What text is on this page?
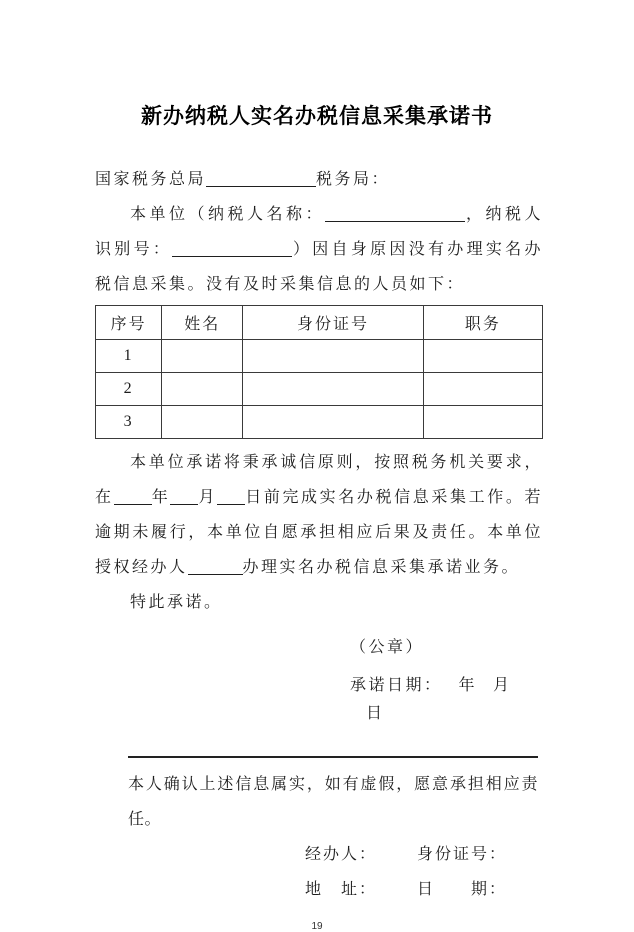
新办纳税人实名办税信息采集承诺书
国家税务总局	税务局：
本单位（纳税人名称：	，纳税人识别号：	）因自身原因没有办理实名办税信息采集。没有及时采集信息的人员如下：
序号	姓名	身份证号	职务
1			
2			
3			
本单位承诺将秉承诚信原则，按照税务机关要求，在 年 月 日前完成实名办税信息采集工作。若逾期未履行，本单位自愿承担相应后果及责任。本单位授权经办人	办理实名办税信息采集承诺业务。
特此承诺。
（公章）
承诺日期： 年 月日
本人确认上述信息属实，如有虚假，愿意承担相应责任。
经办人： 身份证号：
地　址： 日　　期：
19
